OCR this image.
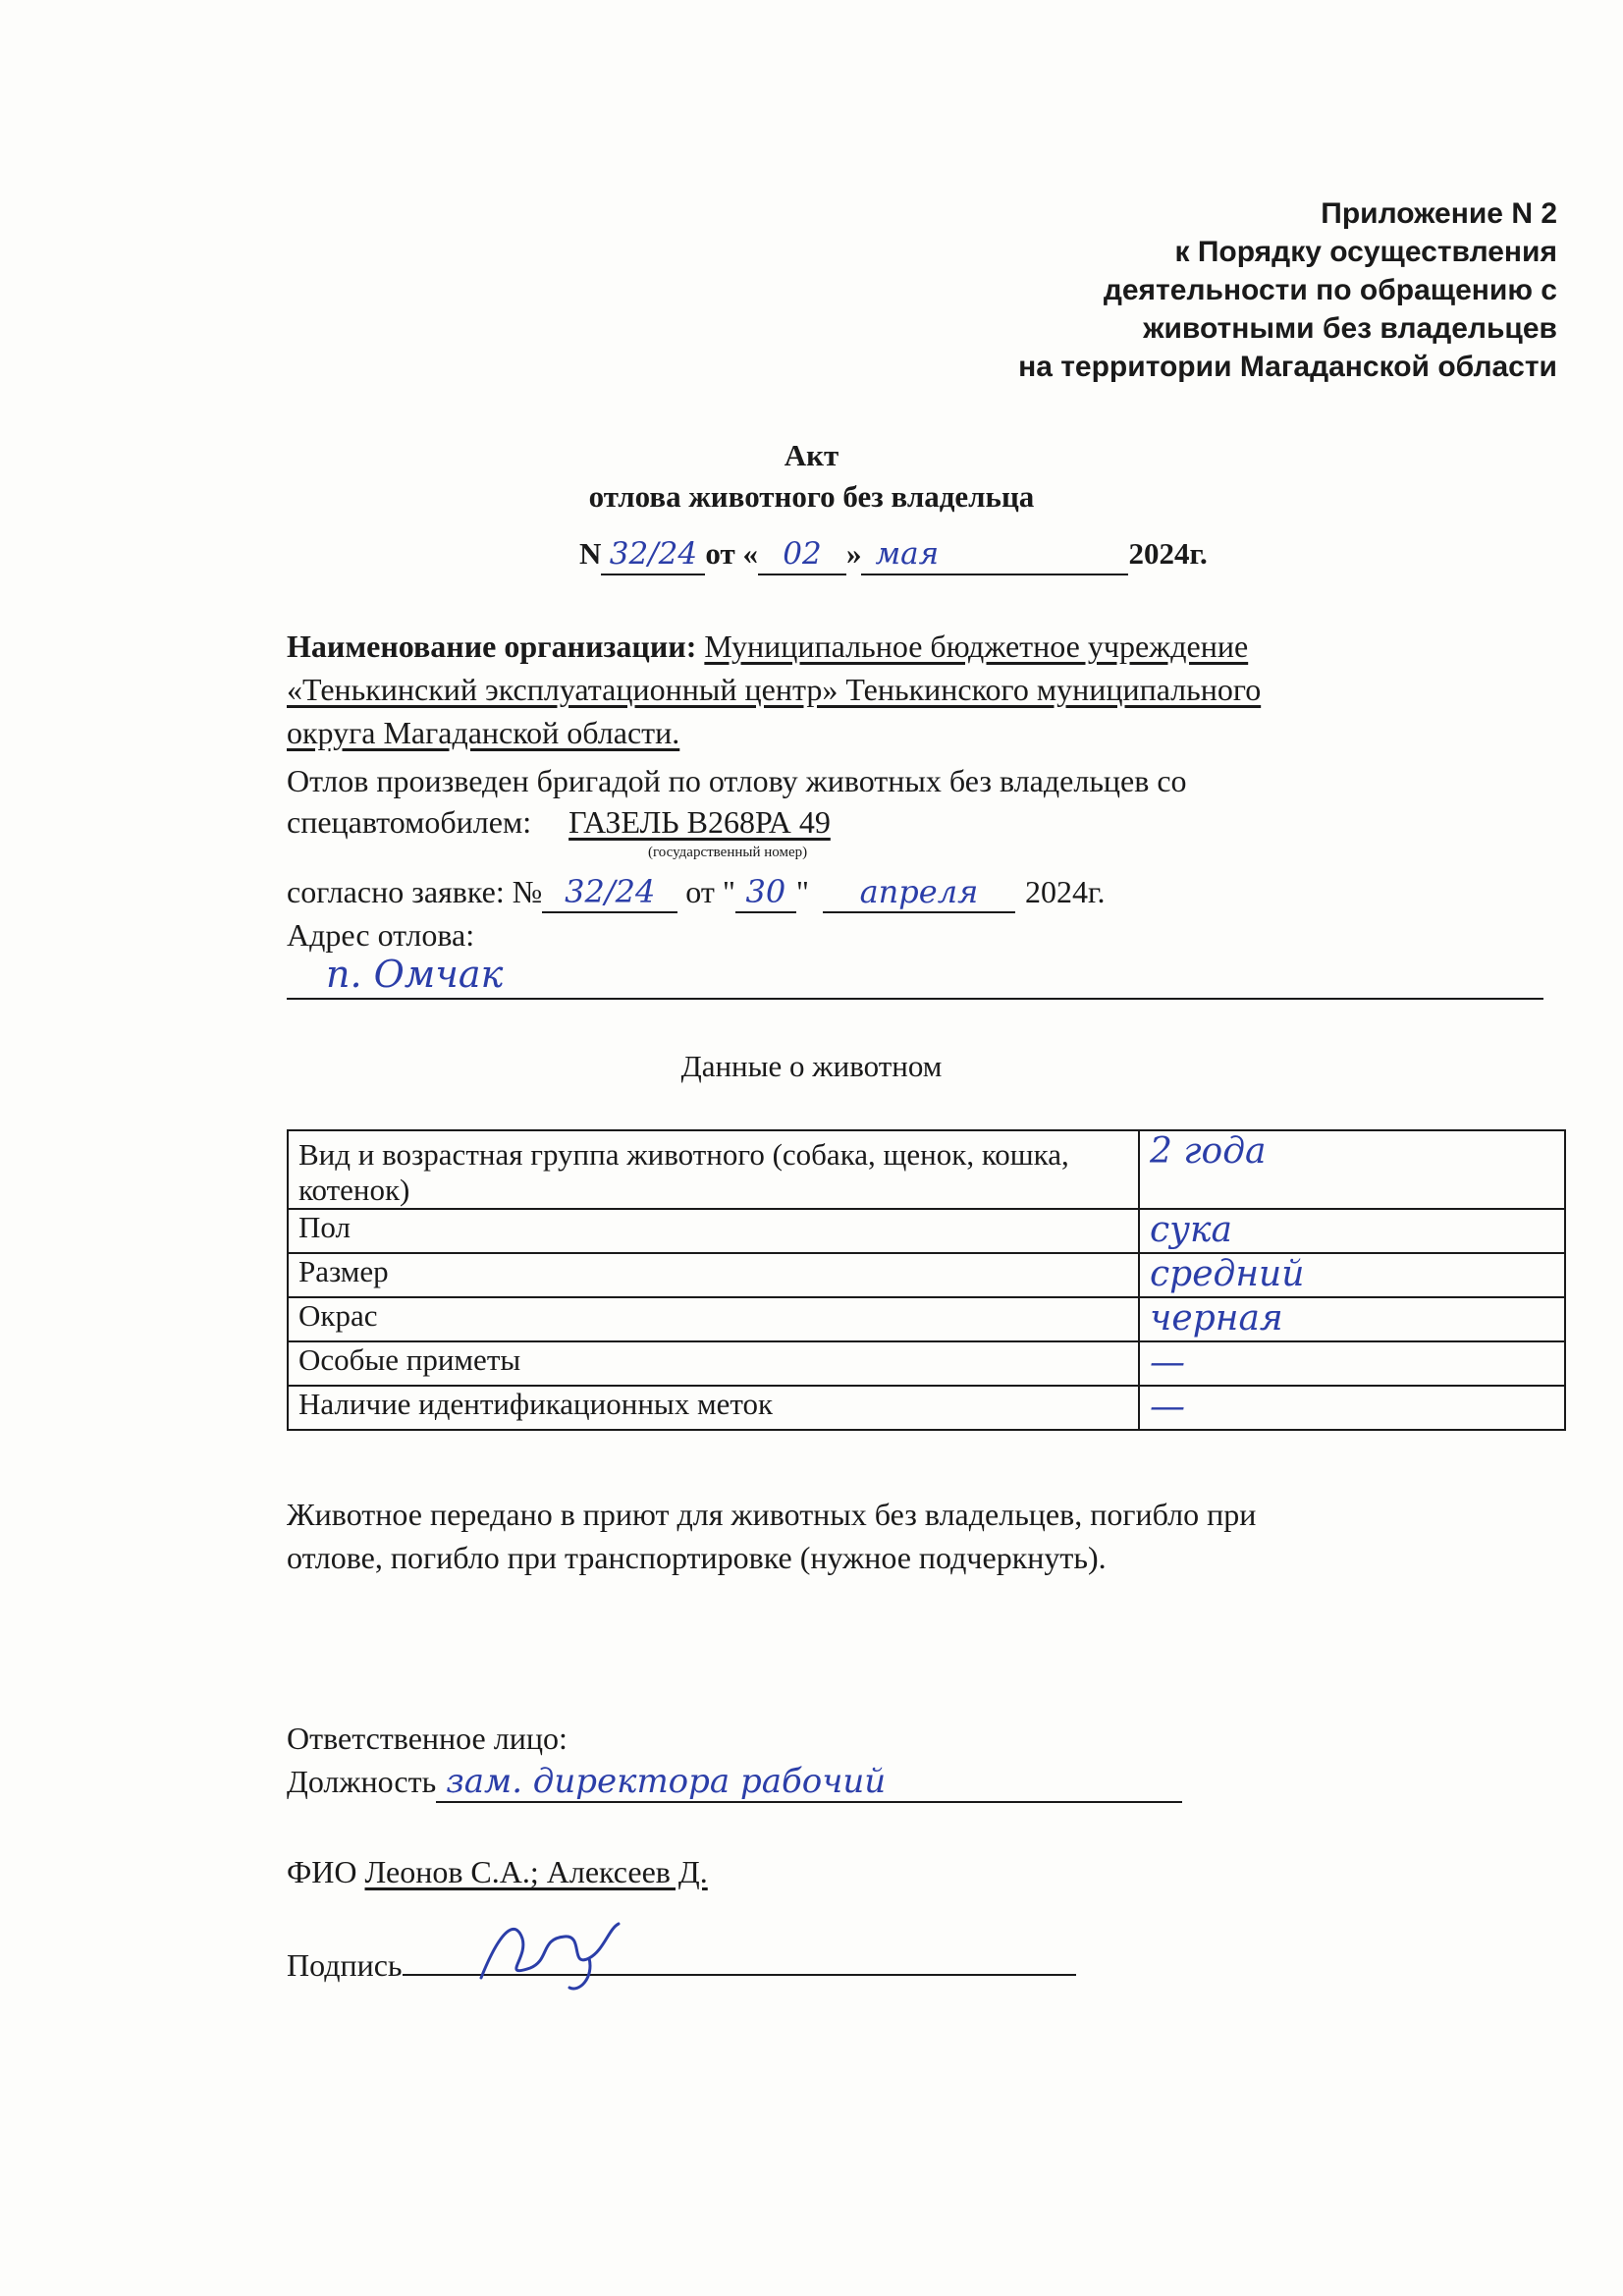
Приложение N 2
к Порядку осуществления
деятельности по обращению с
животными без владельцев
на территории Магаданской области
Акт
отлова животного без владельца
N 32/24 от « 02 » мая	2024г.
Наименование организации: Муниципальное бюджетное учреждение
«Тенькинский эксплуатационный центр» Тенькинского муниципального
округа Магаданской области.
Отлов произведен бригадой по отлову животных без владельцев со
спецавтомобилем: ГАЗЕЛЬ В268РА 49
(государственный номер)
согласно заявке: № 32/24 от " 30 " апреля 2024г.
Адрес отлова:
п. Омчак
Данные о животном
Вид и возрастная группа животного (собака, щенок, кошка, котенок)	2 года
Пол	сука
Размер	средний
Окрас	черная
Особые приметы	—
Наличие идентификационных меток	—
Животное передано в приют для животных без владельцев, погибло при
отлове, погибло при транспортировке (нужное подчеркнуть).
Ответственное лицо:
Должность зам. директора рабочий
ФИО Леонов С.А.; Алексеев Д.
Подпись
